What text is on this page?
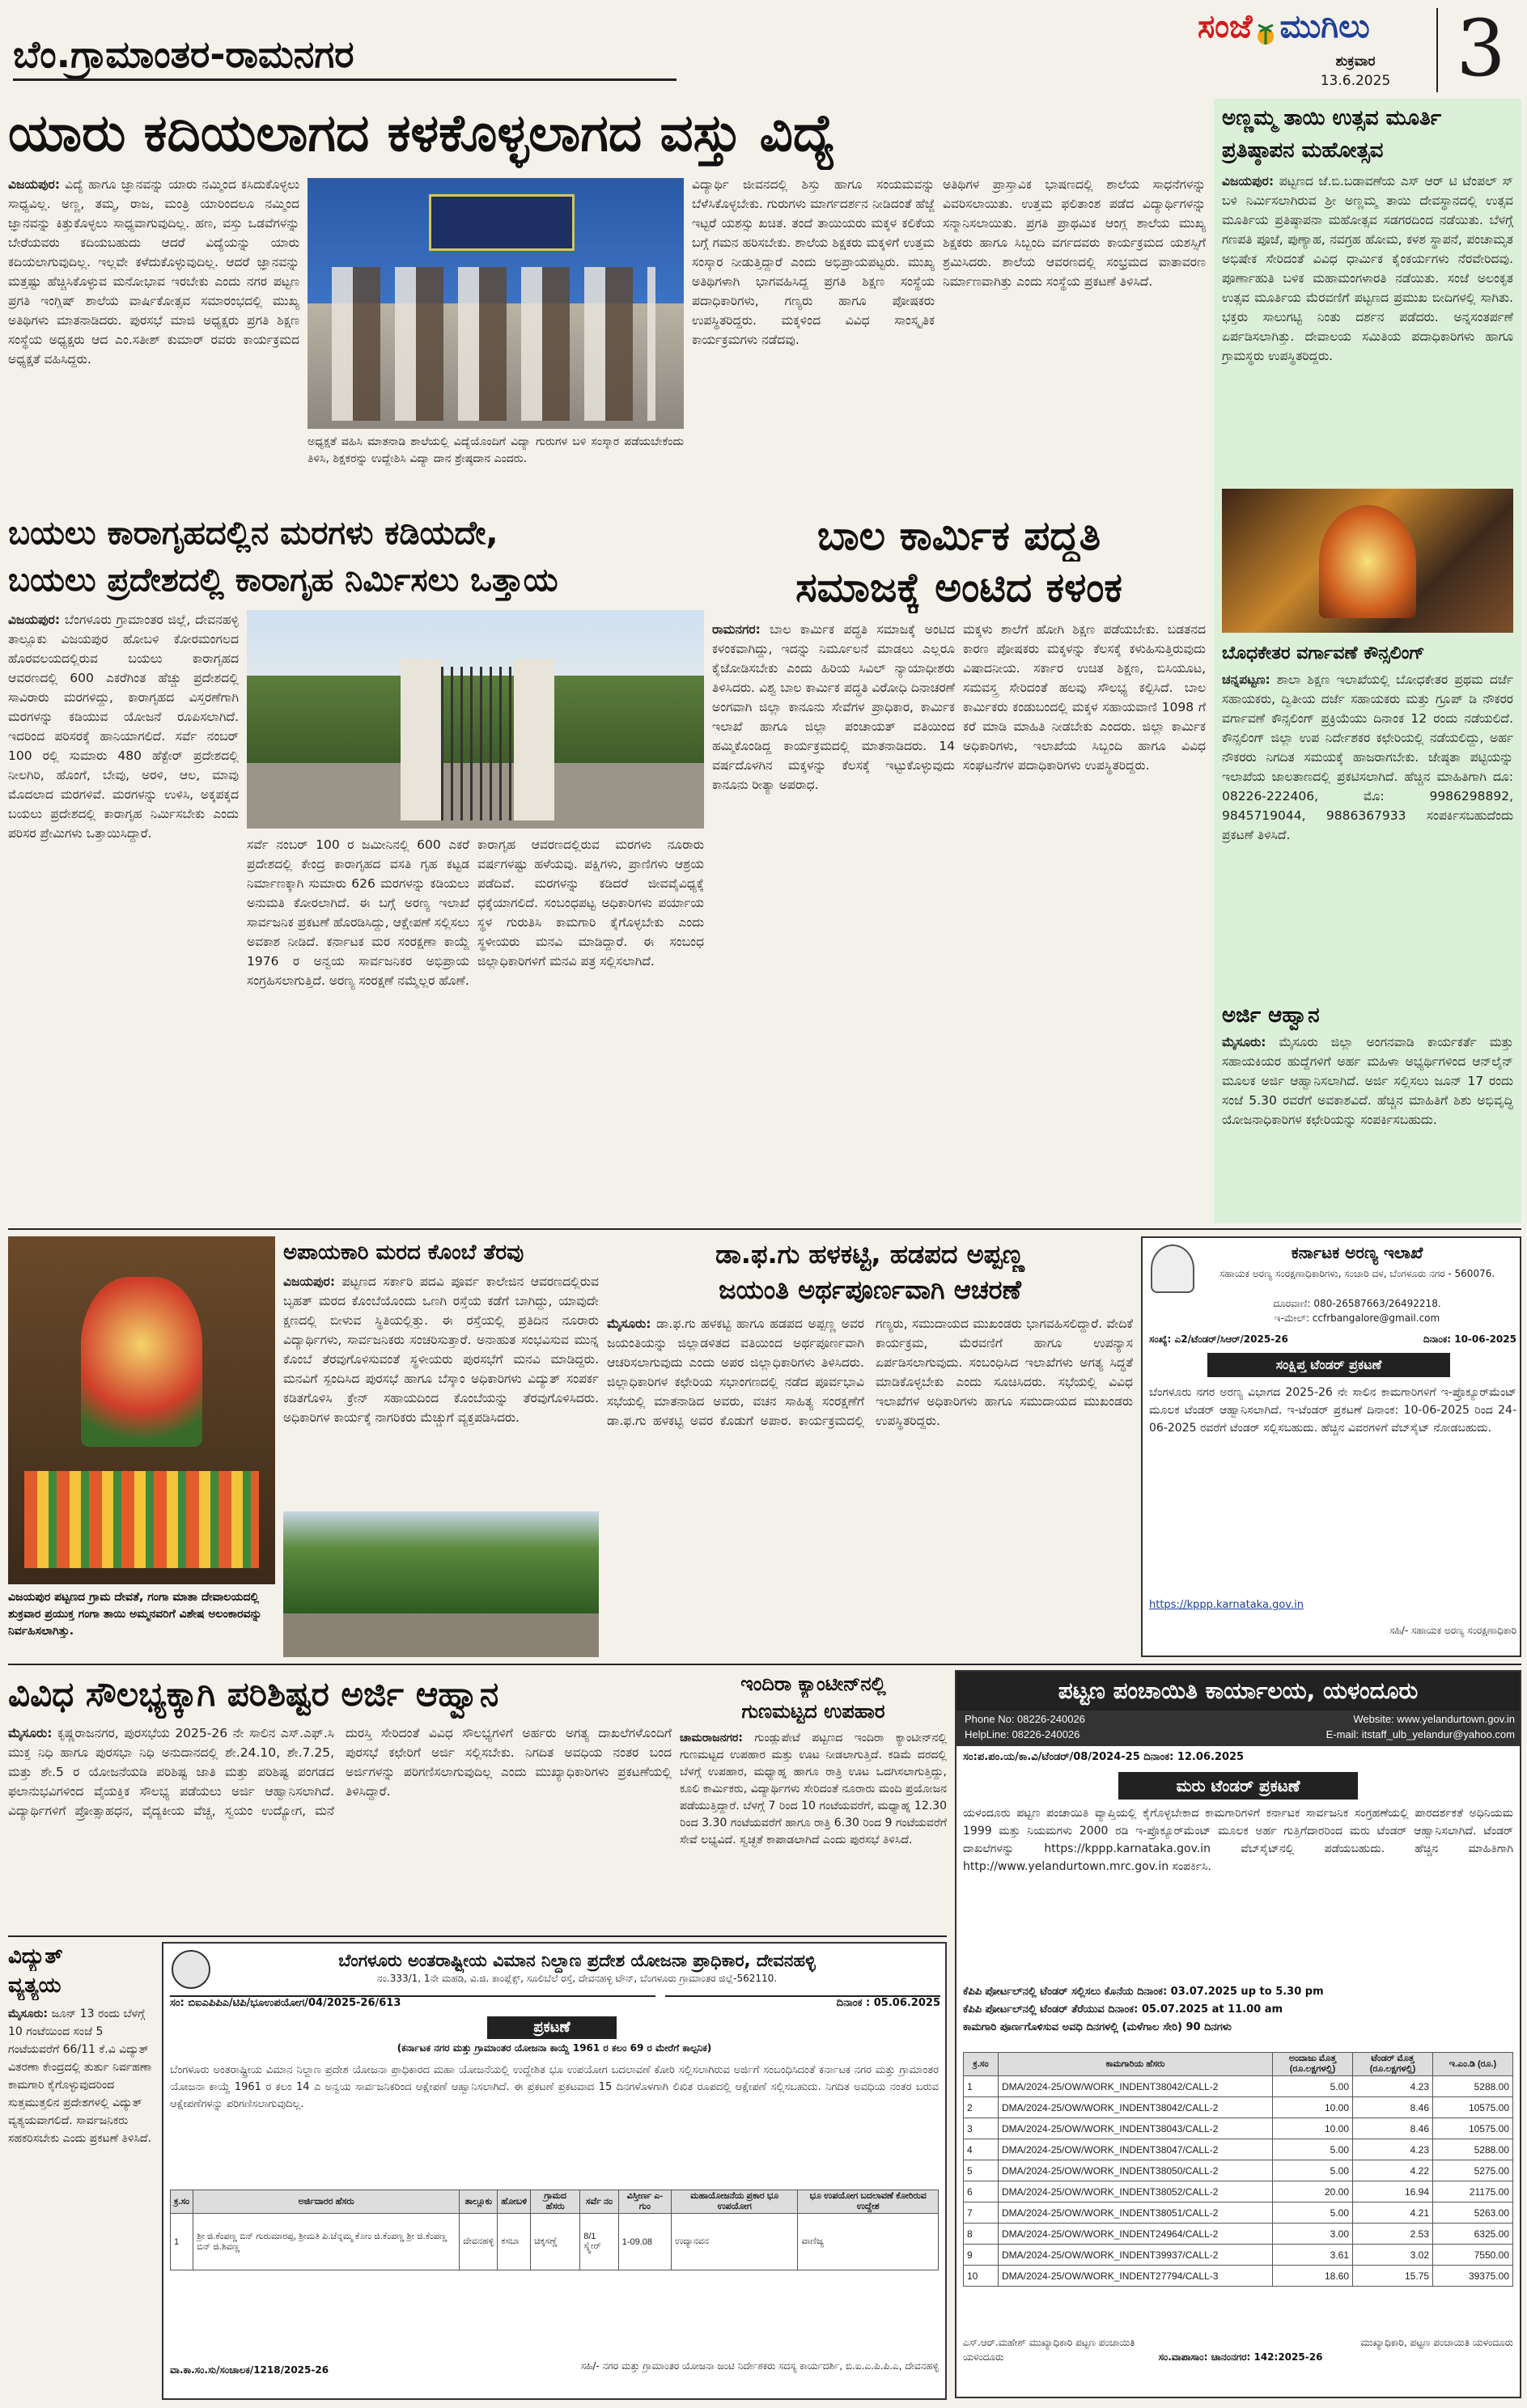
ಬೆಂ.ಗ್ರಾಮಾಂತರ-ರಾಮನಗರ
ಸಂಜೆ ಮುಗಿಲು
ಶುಕ್ರವಾರ
13.6.2025 3
ಯಾರು ಕದಿಯಲಾಗದ ಕಳಕೊಳ್ಳಲಾಗದ ವಸ್ತು ವಿದ್ಯೆ
ವಿಜಯಪುರ: ವಿದ್ಯೆ ಹಾಗೂ ಜ್ಞಾನವನ್ನು ಯಾರು ನಮ್ಮಿಂದ ಕಸಿದುಕೊಳ್ಳಲು ಸಾಧ್ಯವಿಲ್ಲ. ಅಣ್ಣ, ತಮ್ಮ, ರಾಜ, ಮಂತ್ರಿ ಯಾರಿಂದಲೂ ನಮ್ಮಿಂದ ಜ್ಞಾನವನ್ನು ಕಿತ್ತುಕೊಳ್ಳಲು ಸಾಧ್ಯವಾಗುವುದಿಲ್ಲ. ಹಣ, ವಸ್ತು ಒಡವೆಗಳನ್ನು ಬೇರೆಯವರು ಕದಿಯಬಹುದು ಆದರೆ ವಿದ್ಯೆಯನ್ನು ಯಾರು ಕದಿಯಲಾಗುವುದಿಲ್ಲ. ಇಲ್ಲವೇ ಕಳೆದುಕೊಳ್ಳುವುದಿಲ್ಲ. ಆದರೆ ಜ್ಞಾನವನ್ನು ಮತ್ತಷ್ಟು ಹೆಚ್ಚಿಸಿಕೊಳ್ಳುವ ಮನೋಭಾವ ಇರಬೇಕು ಎಂದು ನಗರ ಪಟ್ಟಣ ಪ್ರಗತಿ ಇಂಗ್ಲಿಷ್ ಶಾಲೆಯ ವಾರ್ಷಿಕೋತ್ಸವ ಸಮಾರಂಭದಲ್ಲಿ ಮುಖ್ಯ ಅತಿಥಿಗಳು ಮಾತನಾಡಿದರು. ಪುರಸಭೆ ಮಾಜಿ ಅಧ್ಯಕ್ಷರು ಪ್ರಗತಿ ಶಿಕ್ಷಣ ಸಂಸ್ಥೆಯ ಅಧ್ಯಕ್ಷರು ಆದ ಎಂ.ಸತೀಶ್ ಕುಮಾರ್ ರವರು ಕಾರ್ಯಕ್ರಮದ ಅಧ್ಯಕ್ಷತೆ ವಹಿಸಿದ್ದರು.
ಅಧ್ಯಕ್ಷತೆ ವಹಿಸಿ ಮಾತನಾಡಿ ಶಾಲೆಯಲ್ಲಿ ವಿದ್ಯೆಯೊಂದಿಗೆ ವಿದ್ಯಾ ಗುರುಗಳ ಬಳಿ ಸಂಸ್ಕಾರ ಪಡೆಯಬೇಕೆಂದು ತಿಳಿಸಿ, ಶಿಕ್ಷಕರನ್ನು ಉದ್ದೇಶಿಸಿ ವಿದ್ಯಾ ದಾನ ಶ್ರೇಷ್ಠದಾನ ಎಂದರು.
ವಿದ್ಯಾರ್ಥಿ ಜೀವನದಲ್ಲಿ ಶಿಸ್ತು ಹಾಗೂ ಸಂಯಮವನ್ನು ಬೆಳೆಸಿಕೊಳ್ಳಬೇಕು. ಗುರುಗಳು ಮಾರ್ಗದರ್ಶನ ನೀಡಿದಂತೆ ಹೆಜ್ಜೆ ಇಟ್ಟರೆ ಯಶಸ್ಸು ಖಚಿತ. ತಂದೆ ತಾಯಿಯರು ಮಕ್ಕಳ ಕಲಿಕೆಯ ಬಗ್ಗೆ ಗಮನ ಹರಿಸಬೇಕು. ಶಾಲೆಯ ಶಿಕ್ಷಕರು ಮಕ್ಕಳಿಗೆ ಉತ್ತಮ ಸಂಸ್ಕಾರ ನೀಡುತ್ತಿದ್ದಾರೆ ಎಂದು ಅಭಿಪ್ರಾಯಪಟ್ಟರು. ಮುಖ್ಯ ಅತಿಥಿಗಳಾಗಿ ಭಾಗವಹಿಸಿದ್ದ ಪ್ರಗತಿ ಶಿಕ್ಷಣ ಸಂಸ್ಥೆಯ ಪದಾಧಿಕಾರಿಗಳು, ಗಣ್ಯರು ಹಾಗೂ ಪೋಷಕರು ಉಪಸ್ಥಿತರಿದ್ದರು. ಮಕ್ಕಳಿಂದ ವಿವಿಧ ಸಾಂಸ್ಕೃತಿಕ ಕಾರ್ಯಕ್ರಮಗಳು ನಡೆದವು.
ಅತಿಥಿಗಳ ಪ್ರಾಸ್ತಾವಿಕ ಭಾಷಣದಲ್ಲಿ ಶಾಲೆಯ ಸಾಧನೆಗಳನ್ನು ವಿವರಿಸಲಾಯಿತು. ಉತ್ತಮ ಫಲಿತಾಂಶ ಪಡೆದ ವಿದ್ಯಾರ್ಥಿಗಳನ್ನು ಸನ್ಮಾನಿಸಲಾಯಿತು. ಪ್ರಗತಿ ಪ್ರಾಥಮಿಕ ಆಂಗ್ಲ ಶಾಲೆಯ ಮುಖ್ಯ ಶಿಕ್ಷಕರು ಹಾಗೂ ಸಿಬ್ಬಂದಿ ವರ್ಗದವರು ಕಾರ್ಯಕ್ರಮದ ಯಶಸ್ಸಿಗೆ ಶ್ರಮಿಸಿದರು. ಶಾಲೆಯ ಆವರಣದಲ್ಲಿ ಸಂಭ್ರಮದ ವಾತಾವರಣ ನಿರ್ಮಾಣವಾಗಿತ್ತು ಎಂದು ಸಂಸ್ಥೆಯ ಪ್ರಕಟಣೆ ತಿಳಿಸಿದೆ.
ಅಣ್ಣಮ್ಮ ತಾಯಿ ಉತ್ಸವ ಮೂರ್ತಿ
ಪ್ರತಿಷ್ಠಾಪನ ಮಹೋತ್ಸವ
ವಿಜಯಪುರ: ಪಟ್ಟಣದ ಜೆ.ಬಿ.ಬಡಾವಣೆಯ ಎಸ್ ಆರ್ ಟಿ ಟೆಂಪಲ್ ಸ್ ಬಳಿ ನಿರ್ಮಿಸಲಾಗಿರುವ ಶ್ರೀ ಅಣ್ಣಮ್ಮ ತಾಯಿ ದೇವಸ್ಥಾನದಲ್ಲಿ ಉತ್ಸವ ಮೂರ್ತಿಯ ಪ್ರತಿಷ್ಠಾಪನಾ ಮಹೋತ್ಸವ ಸಡಗರದಿಂದ ನಡೆಯಿತು. ಬೆಳಗ್ಗೆ ಗಣಪತಿ ಪೂಜೆ, ಪುಣ್ಯಾಹ, ನವಗ್ರಹ ಹೋಮ, ಕಳಶ ಸ್ಥಾಪನೆ, ಪಂಚಾಮೃತ ಅಭಿಷೇಕ ಸೇರಿದಂತೆ ವಿವಿಧ ಧಾರ್ಮಿಕ ಕೈಂಕರ್ಯಗಳು ನೆರವೇರಿದವು. ಪೂರ್ಣಾಹುತಿ ಬಳಿಕ ಮಹಾಮಂಗಳಾರತಿ ನಡೆಯಿತು. ಸಂಜೆ ಅಲಂಕೃತ ಉತ್ಸವ ಮೂರ್ತಿಯ ಮೆರವಣಿಗೆ ಪಟ್ಟಣದ ಪ್ರಮುಖ ಬೀದಿಗಳಲ್ಲಿ ಸಾಗಿತು. ಭಕ್ತರು ಸಾಲುಗಟ್ಟಿ ನಿಂತು ದರ್ಶನ ಪಡೆದರು. ಅನ್ನಸಂತರ್ಪಣೆ ಏರ್ಪಡಿಸಲಾಗಿತ್ತು. ದೇವಾಲಯ ಸಮಿತಿಯ ಪದಾಧಿಕಾರಿಗಳು ಹಾಗೂ ಗ್ರಾಮಸ್ಥರು ಉಪಸ್ಥಿತರಿದ್ದರು.
ಬೊಧಕೇತರ ವರ್ಗಾವಣೆ ಕೌನ್ಸಲಿಂಗ್
ಚನ್ನಪಟ್ಟಣ: ಶಾಲಾ ಶಿಕ್ಷಣ ಇಲಾಖೆಯಲ್ಲಿ ಬೋಧಕೇತರ ಪ್ರಥಮ ದರ್ಜೆ ಸಹಾಯಕರು, ದ್ವಿತೀಯ ದರ್ಜೆ ಸಹಾಯಕರು ಮತ್ತು ಗ್ರೂಪ್ ಡಿ ನೌಕರರ ವರ್ಗಾವಣೆ ಕೌನ್ಸಲಿಂಗ್ ಪ್ರಕ್ರಿಯೆಯು ದಿನಾಂಕ 12 ರಂದು ನಡೆಯಲಿದೆ. ಕೌನ್ಸಲಿಂಗ್ ಜಿಲ್ಲಾ ಉಪ ನಿರ್ದೇಶಕರ ಕಛೇರಿಯಲ್ಲಿ ನಡೆಯಲಿದ್ದು, ಅರ್ಹ ನೌಕರರು ನಿಗದಿತ ಸಮಯಕ್ಕೆ ಹಾಜರಾಗಬೇಕು. ಜೇಷ್ಠತಾ ಪಟ್ಟಿಯನ್ನು ಇಲಾಖೆಯ ಜಾಲತಾಣದಲ್ಲಿ ಪ್ರಕಟಿಸಲಾಗಿದೆ. ಹೆಚ್ಚಿನ ಮಾಹಿತಿಗಾಗಿ ದೂ: 08226-222406, ಮೊ: 9986298892, 9845719044, 9886367933 ಸಂಪರ್ಕಿಸಬಹುದೆಂದು ಪ್ರಕಟಣೆ ತಿಳಿಸಿದೆ.
ಅರ್ಜಿ ಆಹ್ವಾನ
ಮೈಸೂರು: ಮೈಸೂರು ಜಿಲ್ಲಾ ಅಂಗನವಾಡಿ ಕಾರ್ಯಕರ್ತೆ ಮತ್ತು ಸಹಾಯಕಿಯರ ಹುದ್ದೆಗಳಿಗೆ ಅರ್ಹ ಮಹಿಳಾ ಅಭ್ಯರ್ಥಿಗಳಿಂದ ಆನ್‌ಲೈನ್ ಮೂಲಕ ಅರ್ಜಿ ಆಹ್ವಾನಿಸಲಾಗಿದೆ. ಅರ್ಜಿ ಸಲ್ಲಿಸಲು ಜೂನ್ 17 ರಂದು ಸಂಜೆ 5.30 ರವರೆಗೆ ಅವಕಾಶವಿದೆ. ಹೆಚ್ಚಿನ ಮಾಹಿತಿಗೆ ಶಿಶು ಅಭಿವೃದ್ಧಿ ಯೋಜನಾಧಿಕಾರಿಗಳ ಕಛೇರಿಯನ್ನು ಸಂಪರ್ಕಿಸಬಹುದು.
ಬಯಲು ಕಾರಾಗೃಹದಲ್ಲಿನ ಮರಗಳು ಕಡಿಯದೇ,
ಬಯಲು ಪ್ರದೇಶದಲ್ಲಿ ಕಾರಾಗೃಹ ನಿರ್ಮಿಸಲು ಒತ್ತಾಯ
ವಿಜಯಪುರ: ಬೆಂಗಳೂರು ಗ್ರಾಮಾಂತರ ಜಿಲ್ಲೆ, ದೇವನಹಳ್ಳಿ ತಾಲ್ಲೂಕು ವಿಜಯಪುರ ಹೋಬಳಿ ಕೋರಮಂಗಲದ ಹೊರವಲಯದಲ್ಲಿರುವ ಬಯಲು ಕಾರಾಗೃಹದ ಆವರಣದಲ್ಲಿ 600 ಎಕರೆಗಿಂತ ಹೆಚ್ಚು ಪ್ರದೇಶದಲ್ಲಿ ಸಾವಿರಾರು ಮರಗಳಿದ್ದು, ಕಾರಾಗೃಹದ ವಿಸ್ತರಣೆಗಾಗಿ ಮರಗಳನ್ನು ಕಡಿಯುವ ಯೋಜನೆ ರೂಪಿಸಲಾಗಿದೆ. ಇದರಿಂದ ಪರಿಸರಕ್ಕೆ ಹಾನಿಯಾಗಲಿದೆ. ಸರ್ವೆ ನಂಬರ್ 100 ರಲ್ಲಿ ಸುಮಾರು 480 ಹೆಕ್ಟೇರ್ ಪ್ರದೇಶದಲ್ಲಿ ನೀಲಗಿರಿ, ಹೊಂಗೆ, ಬೇವು, ಅರಳಿ, ಆಲ, ಮಾವು ಮೊದಲಾದ ಮರಗಳಿವೆ. ಮರಗಳನ್ನು ಉಳಿಸಿ, ಅಕ್ಕಪಕ್ಕದ ಬಯಲು ಪ್ರದೇಶದಲ್ಲಿ ಕಾರಾಗೃಹ ನಿರ್ಮಿಸಬೇಕು ಎಂದು ಪರಿಸರ ಪ್ರೇಮಿಗಳು ಒತ್ತಾಯಿಸಿದ್ದಾರೆ.
ಸರ್ವೆ ನಂಬರ್ 100 ರ ಜಮೀನಿನಲ್ಲಿ 600 ಎಕರೆ ಪ್ರದೇಶದಲ್ಲಿ ಕೇಂದ್ರ ಕಾರಾಗೃಹದ ವಸತಿ ಗೃಹ ಕಟ್ಟಡ ನಿರ್ಮಾಣಕ್ಕಾಗಿ ಸುಮಾರು 626 ಮರಗಳನ್ನು ಕಡಿಯಲು ಅನುಮತಿ ಕೋರಲಾಗಿದೆ. ಈ ಬಗ್ಗೆ ಅರಣ್ಯ ಇಲಾಖೆ ಸಾರ್ವಜನಿಕ ಪ್ರಕಟಣೆ ಹೊರಡಿಸಿದ್ದು, ಆಕ್ಷೇಪಣೆ ಸಲ್ಲಿಸಲು ಅವಕಾಶ ನೀಡಿದೆ. ಕರ್ನಾಟಕ ಮರ ಸಂರಕ್ಷಣಾ ಕಾಯ್ದೆ 1976 ರ ಅನ್ವಯ ಸಾರ್ವಜನಿಕರ ಅಭಿಪ್ರಾಯ ಸಂಗ್ರಹಿಸಲಾಗುತ್ತಿದೆ. ಅರಣ್ಯ ಸಂರಕ್ಷಣೆ ನಮ್ಮೆಲ್ಲರ ಹೊಣೆ.
ಕಾರಾಗೃಹ ಆವರಣದಲ್ಲಿರುವ ಮರಗಳು ನೂರಾರು ವರ್ಷಗಳಷ್ಟು ಹಳೆಯವು. ಪಕ್ಷಿಗಳು, ಪ್ರಾಣಿಗಳು ಆಶ್ರಯ ಪಡೆದಿವೆ. ಮರಗಳನ್ನು ಕಡಿದರೆ ಜೀವವೈವಿಧ್ಯಕ್ಕೆ ಧಕ್ಕೆಯಾಗಲಿದೆ. ಸಂಬಂಧಪಟ್ಟ ಅಧಿಕಾರಿಗಳು ಪರ್ಯಾಯ ಸ್ಥಳ ಗುರುತಿಸಿ ಕಾಮಗಾರಿ ಕೈಗೊಳ್ಳಬೇಕು ಎಂದು ಸ್ಥಳೀಯರು ಮನವಿ ಮಾಡಿದ್ದಾರೆ. ಈ ಸಂಬಂಧ ಜಿಲ್ಲಾಧಿಕಾರಿಗಳಿಗೆ ಮನವಿ ಪತ್ರ ಸಲ್ಲಿಸಲಾಗಿದೆ.
ಬಾಲ ಕಾರ್ಮಿಕ ಪದ್ಧತಿ
ಸಮಾಜಕ್ಕೆ ಅಂಟಿದ ಕಳಂಕ
ರಾಮನಗರ: ಬಾಲ ಕಾರ್ಮಿಕ ಪದ್ಧತಿ ಸಮಾಜಕ್ಕೆ ಅಂಟಿದ ಕಳಂಕವಾಗಿದ್ದು, ಇದನ್ನು ನಿರ್ಮೂಲನೆ ಮಾಡಲು ಎಲ್ಲರೂ ಕೈಜೋಡಿಸಬೇಕು ಎಂದು ಹಿರಿಯ ಸಿವಿಲ್ ನ್ಯಾಯಾಧೀಶರು ತಿಳಿಸಿದರು. ವಿಶ್ವ ಬಾಲ ಕಾರ್ಮಿಕ ಪದ್ಧತಿ ವಿರೋಧಿ ದಿನಾಚರಣೆ ಅಂಗವಾಗಿ ಜಿಲ್ಲಾ ಕಾನೂನು ಸೇವೆಗಳ ಪ್ರಾಧಿಕಾರ, ಕಾರ್ಮಿಕ ಇಲಾಖೆ ಹಾಗೂ ಜಿಲ್ಲಾ ಪಂಚಾಯತ್ ವತಿಯಿಂದ ಹಮ್ಮಿಕೊಂಡಿದ್ದ ಕಾರ್ಯಕ್ರಮದಲ್ಲಿ ಮಾತನಾಡಿದರು. 14 ವರ್ಷದೊಳಗಿನ ಮಕ್ಕಳನ್ನು ಕೆಲಸಕ್ಕೆ ಇಟ್ಟುಕೊಳ್ಳುವುದು ಕಾನೂನು ರೀತ್ಯಾ ಅಪರಾಧ.
ಮಕ್ಕಳು ಶಾಲೆಗೆ ಹೋಗಿ ಶಿಕ್ಷಣ ಪಡೆಯಬೇಕು. ಬಡತನದ ಕಾರಣ ಪೋಷಕರು ಮಕ್ಕಳನ್ನು ಕೆಲಸಕ್ಕೆ ಕಳುಹಿಸುತ್ತಿರುವುದು ವಿಷಾದನೀಯ. ಸರ್ಕಾರ ಉಚಿತ ಶಿಕ್ಷಣ, ಬಿಸಿಯೂಟ, ಸಮವಸ್ತ್ರ ಸೇರಿದಂತೆ ಹಲವು ಸೌಲಭ್ಯ ಕಲ್ಪಿಸಿದೆ. ಬಾಲ ಕಾರ್ಮಿಕರು ಕಂಡುಬಂದಲ್ಲಿ ಮಕ್ಕಳ ಸಹಾಯವಾಣಿ 1098 ಗೆ ಕರೆ ಮಾಡಿ ಮಾಹಿತಿ ನೀಡಬೇಕು ಎಂದರು. ಜಿಲ್ಲಾ ಕಾರ್ಮಿಕ ಅಧಿಕಾರಿಗಳು, ಇಲಾಖೆಯ ಸಿಬ್ಬಂದಿ ಹಾಗೂ ವಿವಿಧ ಸಂಘಟನೆಗಳ ಪದಾಧಿಕಾರಿಗಳು ಉಪಸ್ಥಿತರಿದ್ದರು.
ವಿಜಯಪುರ ಪಟ್ಟಣದ ಗ್ರಾಮ ದೇವತೆ, ಗಂಗಾ ಮಾತಾ ದೇವಾಲಯದಲ್ಲಿ ಶುಕ್ರವಾರ ಪ್ರಯುಕ್ತ ಗಂಗಾ ತಾಯಿ ಅಮ್ಮನವರಿಗೆ ವಿಶೇಷ ಅಲಂಕಾರವನ್ನು ನಿರ್ವಹಿಸಲಾಗಿತ್ತು.
ಅಪಾಯಕಾರಿ ಮರದ ಕೊಂಬೆ ತೆರವು
ವಿಜಯಪುರ: ಪಟ್ಟಣದ ಸರ್ಕಾರಿ ಪದವಿ ಪೂರ್ವ ಕಾಲೇಜಿನ ಆವರಣದಲ್ಲಿರುವ ಬೃಹತ್ ಮರದ ಕೊಂಬೆಯೊಂದು ಒಣಗಿ ರಸ್ತೆಯ ಕಡೆಗೆ ಬಾಗಿದ್ದು, ಯಾವುದೇ ಕ್ಷಣದಲ್ಲಿ ಬೀಳುವ ಸ್ಥಿತಿಯಲ್ಲಿತ್ತು. ಈ ರಸ್ತೆಯಲ್ಲಿ ಪ್ರತಿದಿನ ನೂರಾರು ವಿದ್ಯಾರ್ಥಿಗಳು, ಸಾರ್ವಜನಿಕರು ಸಂಚರಿಸುತ್ತಾರೆ. ಅನಾಹುತ ಸಂಭವಿಸುವ ಮುನ್ನ ಕೊಂಬೆ ತೆರವುಗೊಳಿಸುವಂತೆ ಸ್ಥಳೀಯರು ಪುರಸಭೆಗೆ ಮನವಿ ಮಾಡಿದ್ದರು. ಮನವಿಗೆ ಸ್ಪಂದಿಸಿದ ಪುರಸಭೆ ಹಾಗೂ ಬೆಸ್ಕಾಂ ಅಧಿಕಾರಿಗಳು ವಿದ್ಯುತ್ ಸಂಪರ್ಕ ಕಡಿತಗೊಳಿಸಿ ಕ್ರೇನ್ ಸಹಾಯದಿಂದ ಕೊಂಬೆಯನ್ನು ತೆರವುಗೊಳಿಸಿದರು. ಅಧಿಕಾರಿಗಳ ಕಾರ್ಯಕ್ಕೆ ನಾಗರಿಕರು ಮೆಚ್ಚುಗೆ ವ್ಯಕ್ತಪಡಿಸಿದರು.
ಡಾ.ಫ.ಗು ಹಳಕಟ್ಟಿ, ಹಡಪದ ಅಪ್ಪಣ್ಣ
ಜಯಂತಿ ಅರ್ಥಪೂರ್ಣವಾಗಿ ಆಚರಣೆ
ಮೈಸೂರು: ಡಾ.ಫ.ಗು ಹಳಕಟ್ಟಿ ಹಾಗೂ ಹಡಪದ ಅಪ್ಪಣ್ಣ ಅವರ ಜಯಂತಿಯನ್ನು ಜಿಲ್ಲಾಡಳಿತದ ವತಿಯಿಂದ ಅರ್ಥಪೂರ್ಣವಾಗಿ ಆಚರಿಸಲಾಗುವುದು ಎಂದು ಅಪರ ಜಿಲ್ಲಾಧಿಕಾರಿಗಳು ತಿಳಿಸಿದರು. ಜಿಲ್ಲಾಧಿಕಾರಿಗಳ ಕಛೇರಿಯ ಸಭಾಂಗಣದಲ್ಲಿ ನಡೆದ ಪೂರ್ವಭಾವಿ ಸಭೆಯಲ್ಲಿ ಮಾತನಾಡಿದ ಅವರು, ವಚನ ಸಾಹಿತ್ಯ ಸಂರಕ್ಷಣೆಗೆ ಡಾ.ಫ.ಗು ಹಳಕಟ್ಟಿ ಅವರ ಕೊಡುಗೆ ಅಪಾರ. ಕಾರ್ಯಕ್ರಮದಲ್ಲಿ ಗಣ್ಯರು, ಸಮುದಾಯದ ಮುಖಂಡರು ಭಾಗವಹಿಸಲಿದ್ದಾರೆ. ವೇದಿಕೆ ಕಾರ್ಯಕ್ರಮ, ಮೆರವಣಿಗೆ ಹಾಗೂ ಉಪನ್ಯಾಸ ಏರ್ಪಡಿಸಲಾಗುವುದು. ಸಂಬಂಧಿಸಿದ ಇಲಾಖೆಗಳು ಅಗತ್ಯ ಸಿದ್ಧತೆ ಮಾಡಿಕೊಳ್ಳಬೇಕು ಎಂದು ಸೂಚಿಸಿದರು. ಸಭೆಯಲ್ಲಿ ವಿವಿಧ ಇಲಾಖೆಗಳ ಅಧಿಕಾರಿಗಳು ಹಾಗೂ ಸಮುದಾಯದ ಮುಖಂಡರು ಉಪಸ್ಥಿತರಿದ್ದರು.
ಕರ್ನಾಟಕ ಅರಣ್ಯ ಇಲಾಖೆ
ಸಹಾಯಕ ಅರಣ್ಯ ಸಂರಕ್ಷಣಾಧಿಕಾರಿಗಳು, ಸಂಚಾರಿ ದಳ, ಬೆಂಗಳೂರು ನಗರ - 560076.
ದೂರವಾಣಿ: 080-26587663/26492218.
ಇ-ಮೇಲ್: ccfrbangalore@gmail.com
ಸಂಖ್ಯೆ: ಎ2/ಟೆಂಡರ್/ಸಿಆರ್/2025-26	ದಿನಾಂಕ: 10-06-2025
ಸಂಕ್ಷಿಪ್ತ ಟೆಂಡರ್ ಪ್ರಕಟಣೆ
ಬೆಂಗಳೂರು ನಗರ ಅರಣ್ಯ ವಿಭಾಗದ 2025-26 ನೇ ಸಾಲಿನ ಕಾಮಗಾರಿಗಳಿಗೆ ಇ-ಪ್ರೊಕ್ಯೂರ್‌ಮೆಂಟ್ ಮೂಲಕ ಟೆಂಡರ್ ಆಹ್ವಾನಿಸಲಾಗಿದೆ. ಇ-ಟೆಂಡರ್ ಪ್ರಕಟಣೆ ದಿನಾಂಕ: 10-06-2025 ರಿಂದ 24-06-2025 ರವರೆಗೆ ಟೆಂಡರ್ ಸಲ್ಲಿಸಬಹುದು. ಹೆಚ್ಚಿನ ವಿವರಗಳಿಗೆ ವೆಬ್‌ಸೈಟ್ ನೋಡಬಹುದು.
https://kppp.karnataka.gov.in
ಸಹಿ/- ಸಹಾಯಕ ಅರಣ್ಯ ಸಂರಕ್ಷಣಾಧಿಕಾರಿ
ವಿವಿಧ ಸೌಲಭ್ಯಕ್ಕಾಗಿ ಪರಿಶಿಷ್ಟರ ಅರ್ಜಿ ಆಹ್ವಾನ
ಮೈಸೂರು: ಕೃಷ್ಣರಾಜನಗರ, ಪುರಸಭೆಯ 2025-26 ನೇ ಸಾಲಿನ ಎಸ್.ಎಫ್.ಸಿ ಮುಕ್ತ ನಿಧಿ ಹಾಗೂ ಪುರಸಭಾ ನಿಧಿ ಅನುದಾನದಲ್ಲಿ ಶೇ.24.10, ಶೇ.7.25, ಮತ್ತು ಶೇ.5 ರ ಯೋಜನೆಯಡಿ ಪರಿಶಿಷ್ಟ ಜಾತಿ ಮತ್ತು ಪರಿಶಿಷ್ಟ ಪಂಗಡದ ಫಲಾನುಭವಿಗಳಿಂದ ವೈಯಕ್ತಿಕ ಸೌಲಭ್ಯ ಪಡೆಯಲು ಅರ್ಜಿ ಆಹ್ವಾನಿಸಲಾಗಿದೆ. ವಿದ್ಯಾರ್ಥಿಗಳಿಗೆ ಪ್ರೋತ್ಸಾಹಧನ, ವೈದ್ಯಕೀಯ ವೆಚ್ಚ, ಸ್ವಯಂ ಉದ್ಯೋಗ, ಮನೆ ದುರಸ್ತಿ ಸೇರಿದಂತೆ ವಿವಿಧ ಸೌಲಭ್ಯಗಳಿಗೆ ಅರ್ಹರು ಅಗತ್ಯ ದಾಖಲೆಗಳೊಂದಿಗೆ ಪುರಸಭೆ ಕಛೇರಿಗೆ ಅರ್ಜಿ ಸಲ್ಲಿಸಬೇಕು. ನಿಗದಿತ ಅವಧಿಯ ನಂತರ ಬಂದ ಅರ್ಜಿಗಳನ್ನು ಪರಿಗಣಿಸಲಾಗುವುದಿಲ್ಲ ಎಂದು ಮುಖ್ಯಾಧಿಕಾರಿಗಳು ಪ್ರಕಟಣೆಯಲ್ಲಿ ತಿಳಿಸಿದ್ದಾರೆ.
ಇಂದಿರಾ ಕ್ಯಾಂಟೀನ್‌ನಲ್ಲಿ
ಗುಣಮಟ್ಟದ ಉಪಹಾರ
ಚಾಮರಾಜನಗರ: ಗುಂಡ್ಲುಪೇಟೆ ಪಟ್ಟಣದ ಇಂದಿರಾ ಕ್ಯಾಂಟೀನ್‌ನಲ್ಲಿ ಗುಣಮಟ್ಟದ ಉಪಹಾರ ಮತ್ತು ಊಟ ನೀಡಲಾಗುತ್ತಿದೆ. ಕಡಿಮೆ ದರದಲ್ಲಿ ಬೆಳಗ್ಗೆ ಉಪಹಾರ, ಮಧ್ಯಾಹ್ನ ಹಾಗೂ ರಾತ್ರಿ ಊಟ ಒದಗಿಸಲಾಗುತ್ತಿದ್ದು, ಕೂಲಿ ಕಾರ್ಮಿಕರು, ವಿದ್ಯಾರ್ಥಿಗಳು ಸೇರಿದಂತೆ ನೂರಾರು ಮಂದಿ ಪ್ರಯೋಜನ ಪಡೆಯುತ್ತಿದ್ದಾರೆ. ಬೆಳಗ್ಗೆ 7 ರಿಂದ 10 ಗಂಟೆಯವರೆಗೆ, ಮಧ್ಯಾಹ್ನ 12.30 ರಿಂದ 3.30 ಗಂಟೆಯವರೆಗೆ ಹಾಗೂ ರಾತ್ರಿ 6.30 ರಿಂದ 9 ಗಂಟೆಯವರೆಗೆ ಸೇವೆ ಲಭ್ಯವಿದೆ. ಸ್ವಚ್ಛತೆ ಕಾಪಾಡಲಾಗಿದೆ ಎಂದು ಪುರಸಭೆ ತಿಳಿಸಿದೆ.
ಪಟ್ಟಣ ಪಂಚಾಯಿತಿ ಕಾರ್ಯಾಲಯ, ಯಳಂದೂರು
Phone No: 08226-240026
HelpLine: 08226-240026
Website: www.yelandurtown.gov.in
E-mail: itstaff_ulb_yelandur@yahoo.com
ಸಂ:ಪ.ಪಂ.ಯ/ಕಾ.ವಿ/ಟೆಂಡರ್/08/2024-25 ದಿನಾಂಕ: 12.06.2025
ಮರು ಟೆಂಡರ್ ಪ್ರಕಟಣೆ
ಯಳಂದೂರು ಪಟ್ಟಣ ಪಂಚಾಯಿತಿ ವ್ಯಾಪ್ತಿಯಲ್ಲಿ ಕೈಗೊಳ್ಳಬೇಕಾದ ಕಾಮಗಾರಿಗಳಿಗೆ ಕರ್ನಾಟಕ ಸಾರ್ವಜನಿಕ ಸಂಗ್ರಹಣೆಯಲ್ಲಿ ಪಾರದರ್ಶಕತೆ ಅಧಿನಿಯಮ 1999 ಮತ್ತು ನಿಯಮಗಳು 2000 ರಡಿ ಇ-ಪ್ರೊಕ್ಯೂರ್‌ಮೆಂಟ್ ಮೂಲಕ ಅರ್ಹ ಗುತ್ತಿಗೆದಾರರಿಂದ ಮರು ಟೆಂಡರ್ ಆಹ್ವಾನಿಸಲಾಗಿದೆ. ಟೆಂಡರ್ ದಾಖಲೆಗಳನ್ನು https://kppp.karnataka.gov.in ವೆಬ್‌ಸೈಟ್‌ನಲ್ಲಿ ಪಡೆಯಬಹುದು. ಹೆಚ್ಚಿನ ಮಾಹಿತಿಗಾಗಿ http://www.yelandurtown.mrc.gov.in ಸಂಪರ್ಕಿಸಿ.
ಕೆಪಿಪಿ ಪೋರ್ಟಲ್‌ನಲ್ಲಿ ಟೆಂಡರ್ ಸಲ್ಲಿಸಲು ಕೊನೆಯ ದಿನಾಂಕ: 03.07.2025 up to 5.30 pm
ಕೆಪಿಪಿ ಪೋರ್ಟಲ್‌ನಲ್ಲಿ ಟೆಂಡರ್ ತೆರೆಯುವ ದಿನಾಂಕ: 05.07.2025 at 11.00 am
ಕಾಮಗಾರಿ ಪೂರ್ಣಗೊಳಿಸುವ ಅವಧಿ ದಿನಗಳಲ್ಲಿ (ಮಳೆಗಾಲ ಸೇರಿ) 90 ದಿನಗಳು
ಕ್ರ.ಸಂ	ಕಾಮಗಾರಿಯ ಹೆಸರು	ಅಂದಾಜು ಮೊತ್ತ (ರೂ.ಲಕ್ಷಗಳಲ್ಲಿ)	ಟೆಂಡರ್ ಮೊತ್ತ (ರೂ.ಲಕ್ಷಗಳಲ್ಲಿ)	ಇ.ಎಂ.ಡಿ (ರೂ.)
1	DMA/2024-25/OW/WORK_INDENT38042/CALL-2	5.00	4.23	5288.00
2	DMA/2024-25/OW/WORK_INDENT38042/CALL-2	10.00	8.46	10575.00
3	DMA/2024-25/OW/WORK_INDENT38043/CALL-2	10.00	8.46	10575.00
4	DMA/2024-25/OW/WORK_INDENT38047/CALL-2	5.00	4.23	5288.00
5	DMA/2024-25/OW/WORK_INDENT38050/CALL-2	5.00	4.22	5275.00
6	DMA/2024-25/OW/WORK_INDENT38052/CALL-2	20.00	16.94	21175.00
7	DMA/2024-25/OW/WORK_INDENT38051/CALL-2	5.00	4.21	5263.00
8	DMA/2024-25/OW/WORK_INDENT24964/CALL-2	3.00	2.53	6325.00
9	DMA/2024-25/OW/WORK_INDENT39937/CALL-2	3.61	3.02	7550.00
10	DMA/2024-25/OW/WORK_INDENT27794/CALL-3	18.60	15.75	39375.00
ಎಸ್.ಆರ್.ಮಹೇಶ್ ಮುಖ್ಯಾಧಿಕಾರಿ ಪಟ್ಟಣ ಪಂಚಾಯಿತಿ ಯಳಂದೂರು	ಸಂ.ವಾಪಾಸಾಂ: ಚಾನಂನಗರ: 142:2025-26
ಮುಖ್ಯಾಧಿಕಾರಿ, ಪಟ್ಟಣ ಪಂಚಾಯಿತಿ ಯಳಂದೂರು
ವಿದ್ಯುತ್
ವ್ಯತ್ಯಯ
ಮೈಸೂರು: ಜೂನ್ 13 ರಂದು ಬೆಳಗ್ಗೆ 10 ಗಂಟೆಯಿಂದ ಸಂಜೆ 5 ಗಂಟೆಯವರೆಗೆ 66/11 ಕೆ.ವಿ ವಿದ್ಯುತ್ ವಿತರಣಾ ಕೇಂದ್ರದಲ್ಲಿ ತುರ್ತು ನಿರ್ವಹಣಾ ಕಾಮಗಾರಿ ಕೈಗೊಳ್ಳುವುದರಿಂದ ಸುತ್ತಮುತ್ತಲಿನ ಪ್ರದೇಶಗಳಲ್ಲಿ ವಿದ್ಯುತ್ ವ್ಯತ್ಯಯವಾಗಲಿದೆ. ಸಾರ್ವಜನಿಕರು ಸಹಕರಿಸಬೇಕು ಎಂದು ಪ್ರಕಟಣೆ ತಿಳಿಸಿದೆ.
ಬೆಂಗಳೂರು ಅಂತರಾಷ್ಟ್ರೀಯ ವಿಮಾನ ನಿಲ್ದಾಣ ಪ್ರದೇಶ ಯೋಜನಾ ಪ್ರಾಧಿಕಾರ, ದೇವನಹಳ್ಳಿ
ನಂ.333/1, 1ನೇ ಮಹಡಿ, ವಿ.ಜಿ. ಕಾಂಪ್ಲೆಕ್ಸ್, ಸೂಲಿಬೆಲೆ ರಸ್ತೆ, ದೇವನಹಳ್ಳಿ ಟೌನ್, ಬೆಂಗಳೂರು ಗ್ರಾಮಾಂತರ ಜಿಲ್ಲೆ-562110.
ಸಂ: ಬಿಐಎಪಿಪಿಎ/ಟಿಪಿ/ಭೂಉಪಯೋಗ/04/2025-26/613	ದಿನಾಂಕ : 05.06.2025
ಪ್ರಕಟಣೆ
(ಕರ್ನಾಟಕ ನಗರ ಮತ್ತು ಗ್ರಾಮಾಂತರ ಯೋಜನಾ ಕಾಯ್ದೆ 1961 ರ ಕಲಂ 69 ರ ಮೇರೆಗೆ ಕಾಲ್ಪನಿಕ)
ಬೆಂಗಳೂರು ಅಂತರಾಷ್ಟ್ರೀಯ ವಿಮಾನ ನಿಲ್ದಾಣ ಪ್ರದೇಶ ಯೋಜನಾ ಪ್ರಾಧಿಕಾರದ ಮಹಾ ಯೋಜನೆಯಲ್ಲಿ ಉದ್ದೇಶಿತ ಭೂ ಉಪಯೋಗ ಬದಲಾವಣೆ ಕೋರಿ ಸಲ್ಲಿಸಲಾಗಿರುವ ಅರ್ಜಿಗೆ ಸಂಬಂಧಿಸಿದಂತೆ ಕರ್ನಾಟಕ ನಗರ ಮತ್ತು ಗ್ರಾಮಾಂತರ ಯೋಜನಾ ಕಾಯ್ದೆ 1961 ರ ಕಲಂ 14 ಎ ಅನ್ವಯ ಸಾರ್ವಜನಿಕರಿಂದ ಆಕ್ಷೇಪಣೆ ಆಹ್ವಾನಿಸಲಾಗಿದೆ. ಈ ಪ್ರಕಟಣೆ ಪ್ರಕಟವಾದ 15 ದಿನಗಳೊಳಗಾಗಿ ಲಿಖಿತ ರೂಪದಲ್ಲಿ ಆಕ್ಷೇಪಣೆ ಸಲ್ಲಿಸಬಹುದು. ನಿಗದಿತ ಅವಧಿಯ ನಂತರ ಬರುವ ಆಕ್ಷೇಪಣೆಗಳನ್ನು ಪರಿಗಣಿಸಲಾಗುವುದಿಲ್ಲ.
ಕ್ರ.ಸಂ	ಅರ್ಜಿದಾರರ ಹೆಸರು	ತಾಲ್ಲೂಕು	ಹೋಬಳಿ	ಗ್ರಾಮದ ಹೆಸರು	ಸರ್ವೆ ನಂ	ವಿಸ್ತೀರ್ಣ ಎ-ಗುಂ	ಮಹಾಯೋಜನೆಯ ಪ್ರಕಾರ ಭೂ ಉಪಯೋಗ	ಭೂ ಉಪಯೋಗ ಬದಲಾವಣೆ ಕೋರಿರುವ ಉದ್ದೇಶ
1	ಶ್ರೀ ಜಿ.ಕೆಂಪಣ್ಣ ಬಿನ್ ಗುರುಮಾರಪ್ಪ, ಶ್ರೀಮತಿ ಪಿ.ಚೆನ್ನಮ್ಮ ಕೋಂ ಜಿ.ಕೆಂಪಣ್ಣ ಶ್ರೀ ಜಿ.ಕೆಂಪಣ್ಣ ಬಿನ್ ಜಿ.ಶಿವಣ್ಣ	ದೇವನಹಳ್ಳಿ	ಕಸಬಾ	ಚಿಕ್ಕಸಣ್ಣೆ	8/1 ಸ್ಕ್ವೇರ್	1-09.08	ಉದ್ಯಾನವನ	ವಾಣಿಜ್ಯ
ವಾ.ಕಾ.ಸಂ.ಸು/ಸಂಚಾಲಕ/1218/2025-26	ಸಹಿ/- ನಗರ ಮತ್ತು ಗ್ರಾಮಾಂತರ ಯೋಜನಾ ಜಂಟಿ ನಿರ್ದೇಶಕರು ಸದಸ್ಯ ಕಾರ್ಯದರ್ಶಿ, ಬಿ.ಐ.ಎ.ಪಿ.ಪಿ.ಎ, ದೇವನಹಳ್ಳಿ
